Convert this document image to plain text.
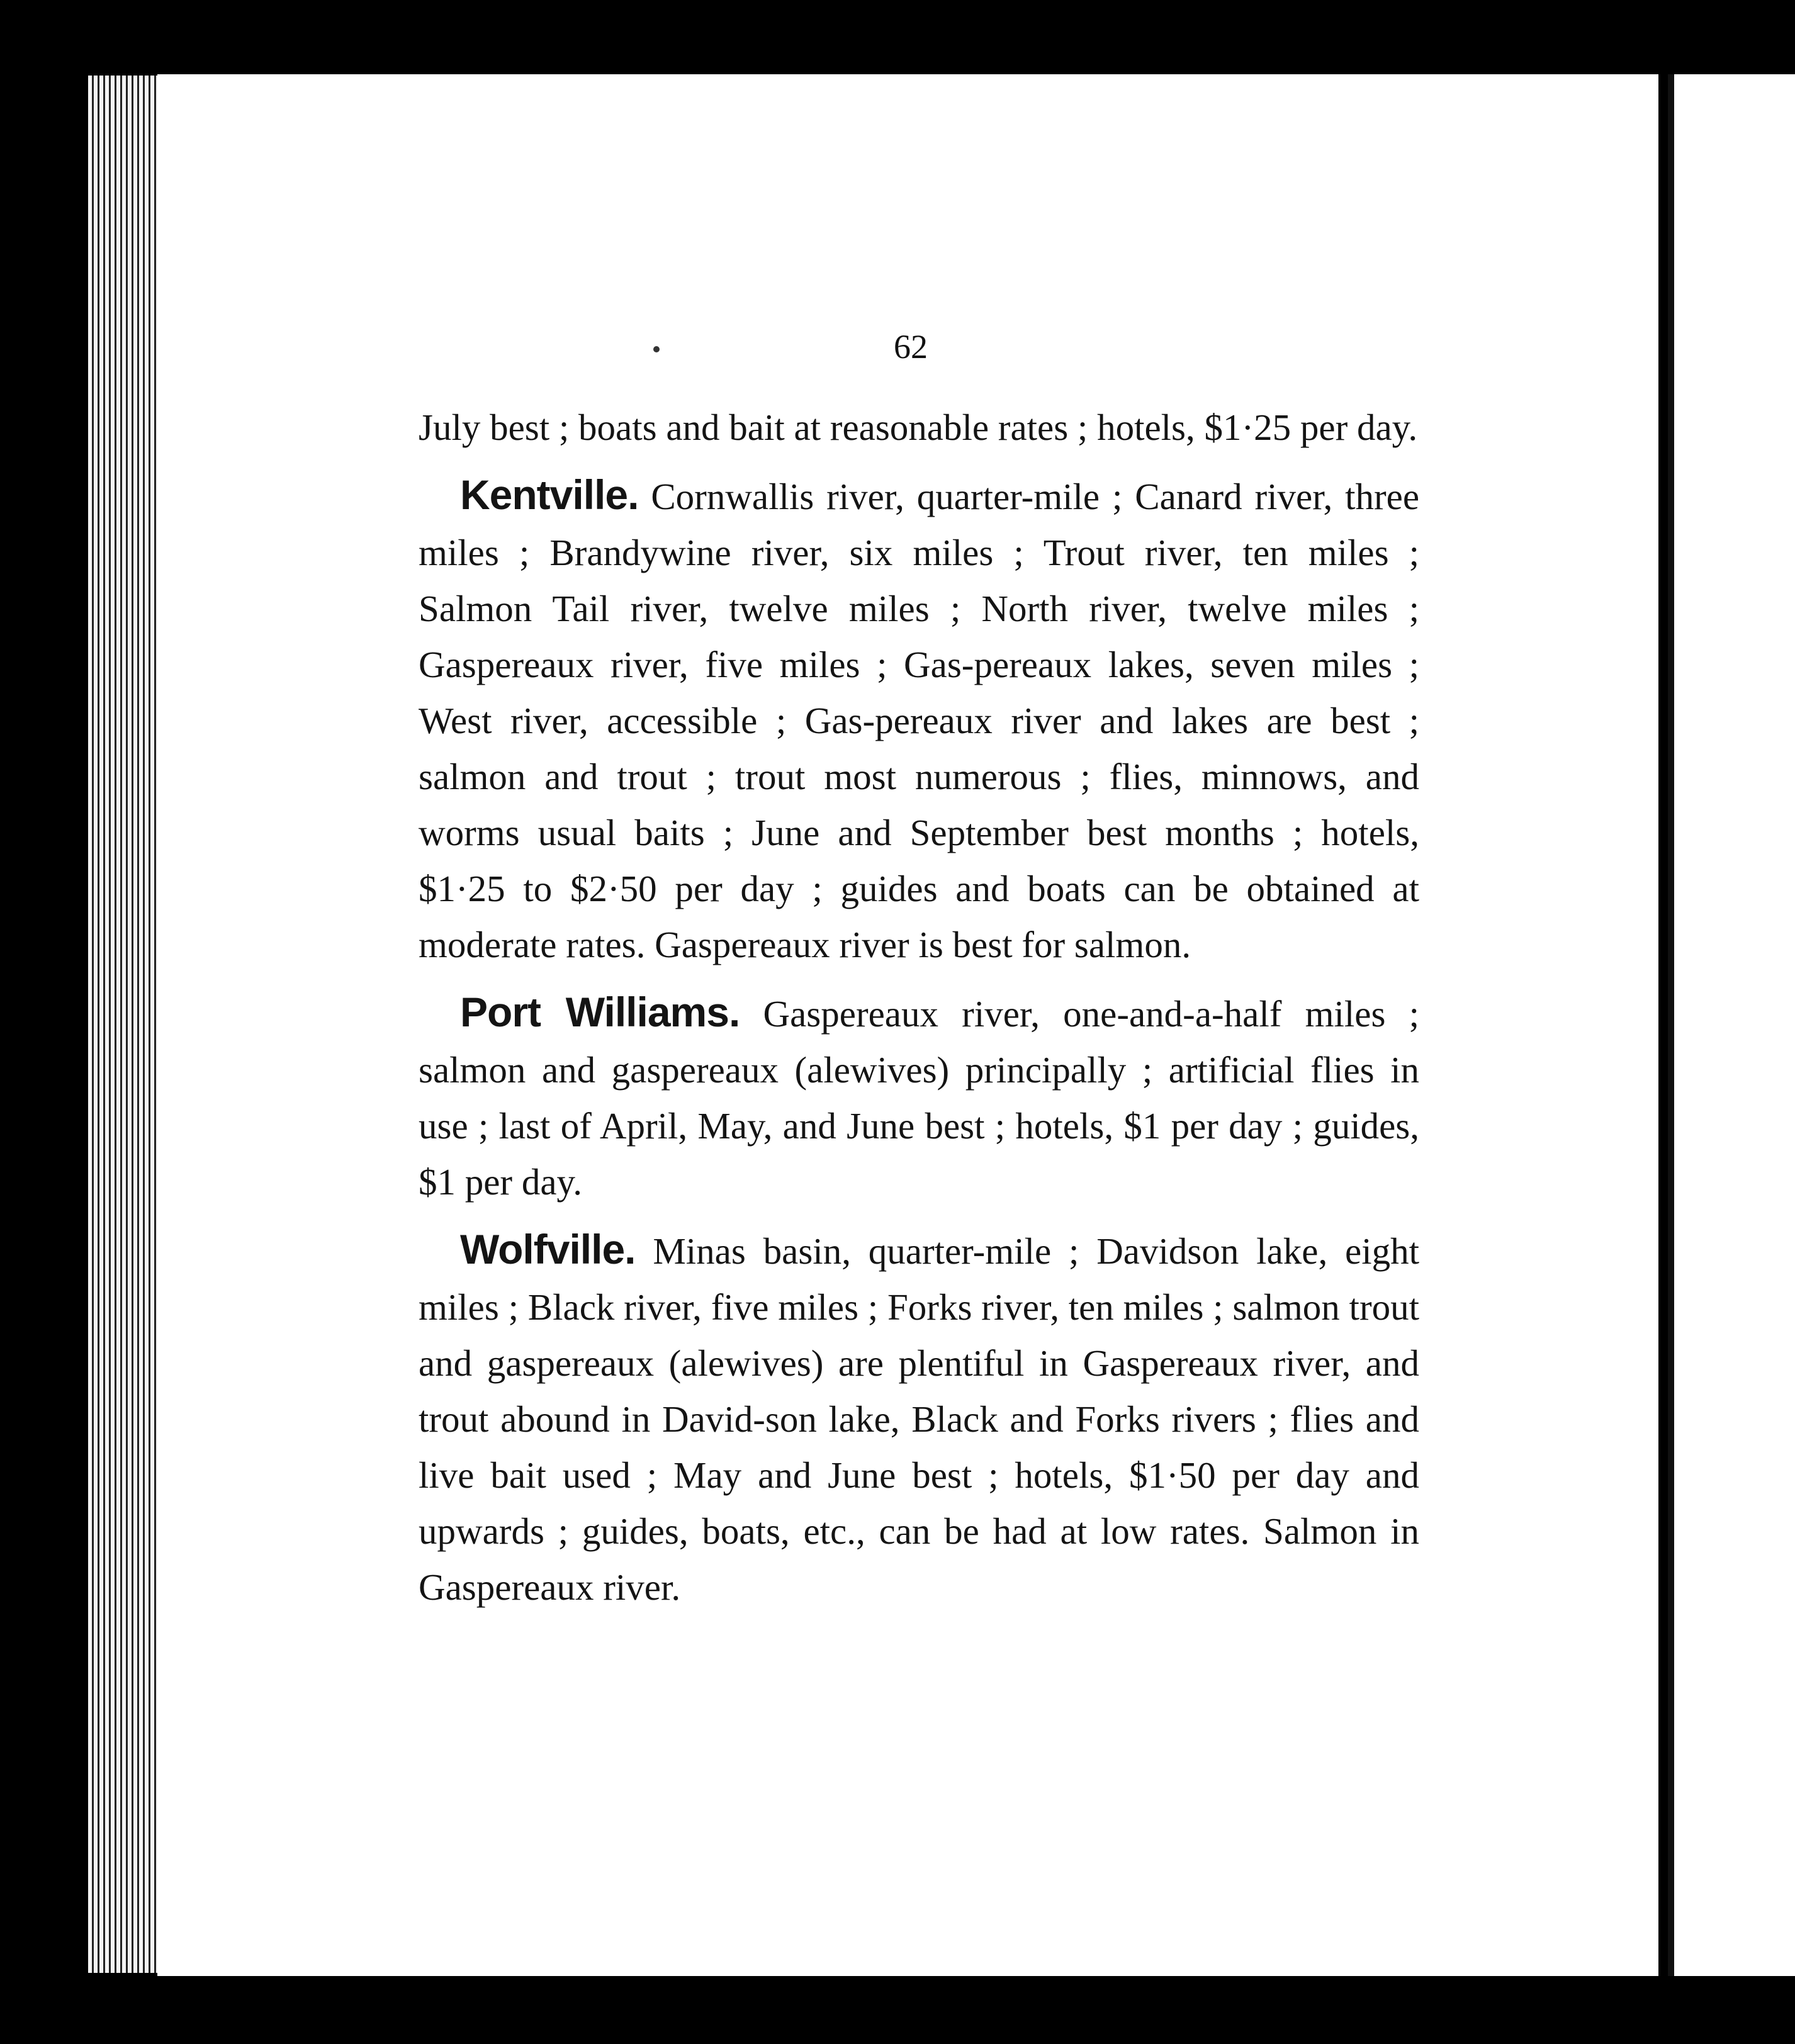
62

July best ; boats and bait at reasonable rates ; hotels, $1·25 per day.

Kentville. Cornwallis river, quarter-mile ; Canard river, three miles ; Brandywine river, six miles ; Trout river, ten miles ; Salmon Tail river, twelve miles ; North river, twelve miles ; Gaspereaux river, five miles ; Gas-pereaux lakes, seven miles ; West river, accessible ; Gas-pereaux river and lakes are best ; salmon and trout ; trout most numerous ; flies, minnows, and worms usual baits ; June and September best months ; hotels, $1·25 to $2·50 per day ; guides and boats can be obtained at moderate rates. Gaspereaux river is best for salmon.

Port Williams. Gaspereaux river, one-and-a-half miles ; salmon and gaspereaux (alewives) principally ; artificial flies in use ; last of April, May, and June best ; hotels, $1 per day ; guides, $1 per day.

Wolfville. Minas basin, quarter-mile ; Davidson lake, eight miles ; Black river, five miles ; Forks river, ten miles ; salmon trout and gaspereaux (alewives) are plentiful in Gaspereaux river, and trout abound in David-son lake, Black and Forks rivers ; flies and live bait used ; May and June best ; hotels, $1·50 per day and upwards ; guides, boats, etc., can be had at low rates. Salmon in Gaspereaux river.
